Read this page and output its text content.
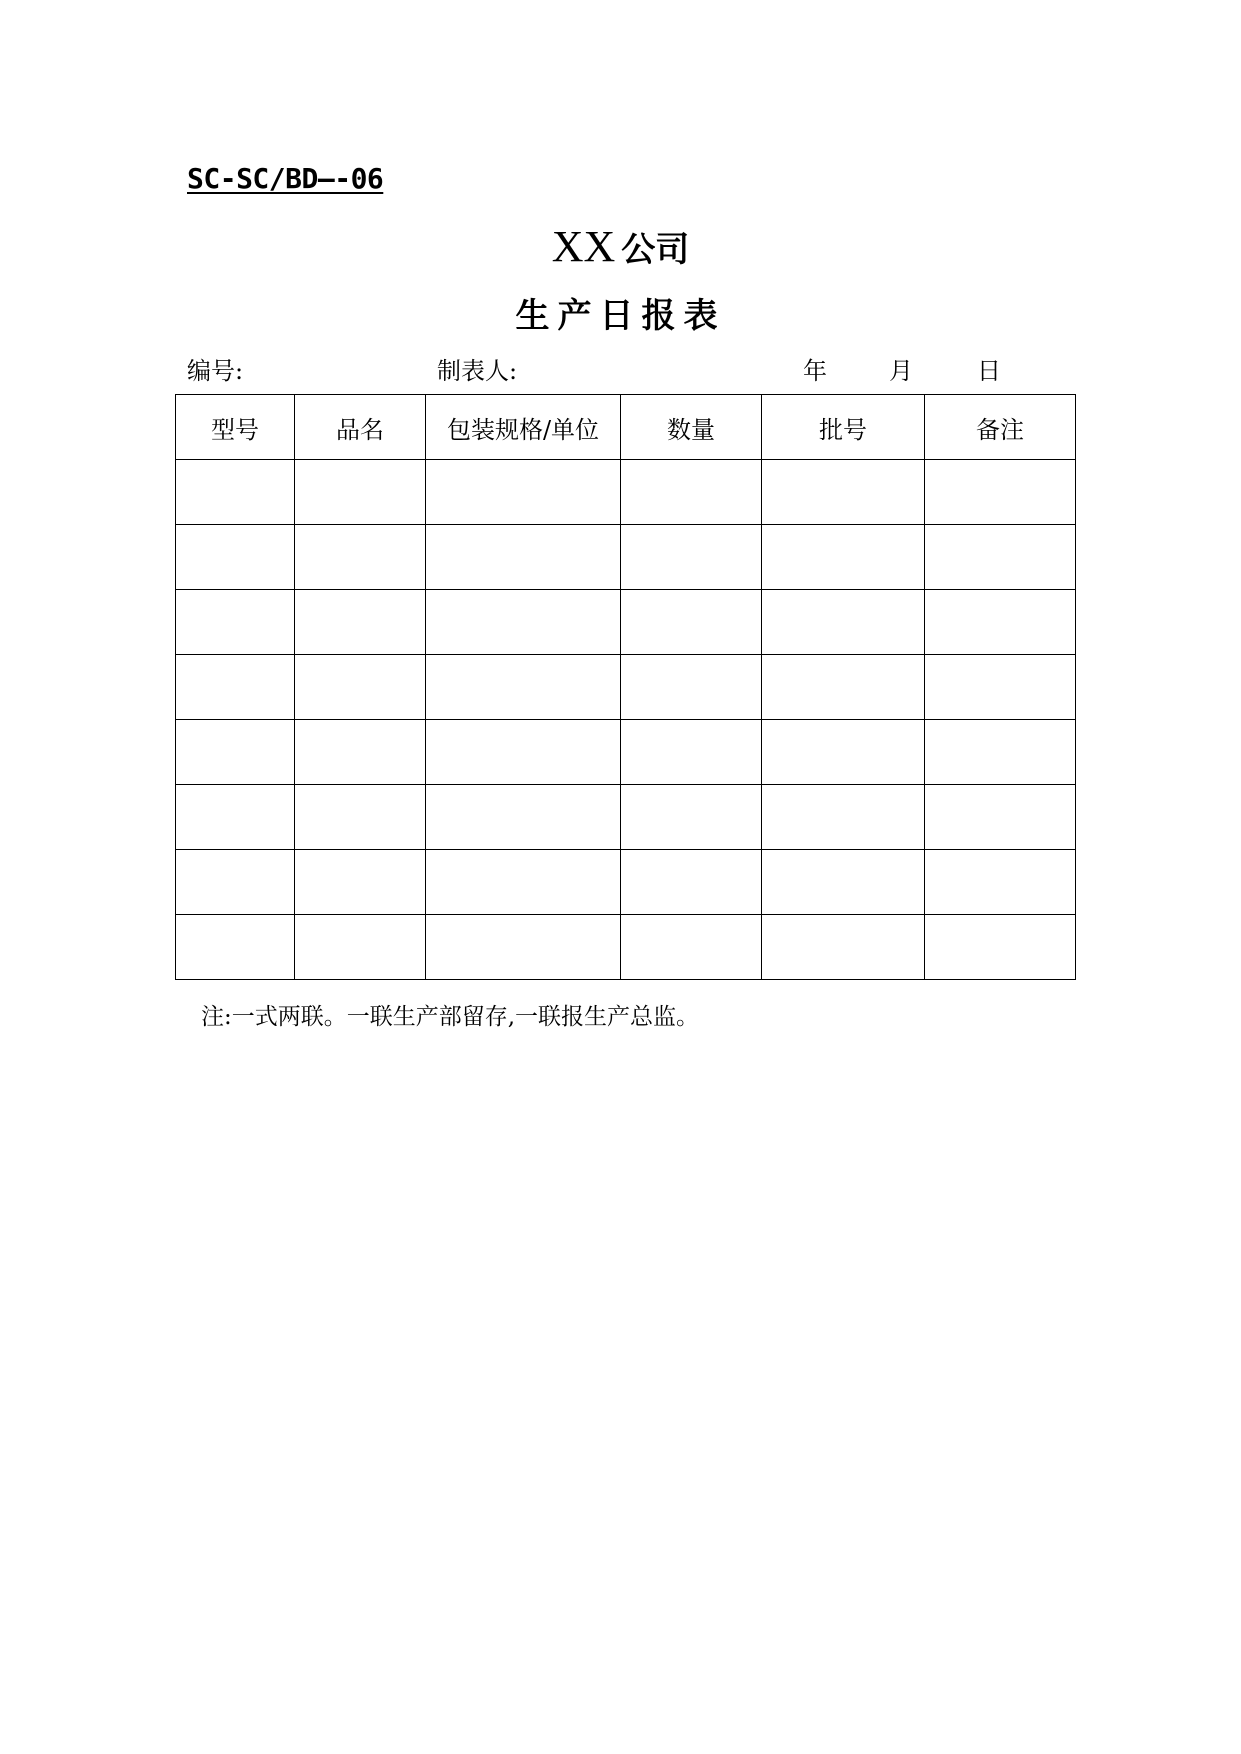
SC-SC/BD—-06
XX 公司
生产日报表
编号:	制表人:	年	月	日
型号	品名	包装规格/单位	数量	批号	备注

注:一式两联。一联生产部留存,一联报生产总监。
